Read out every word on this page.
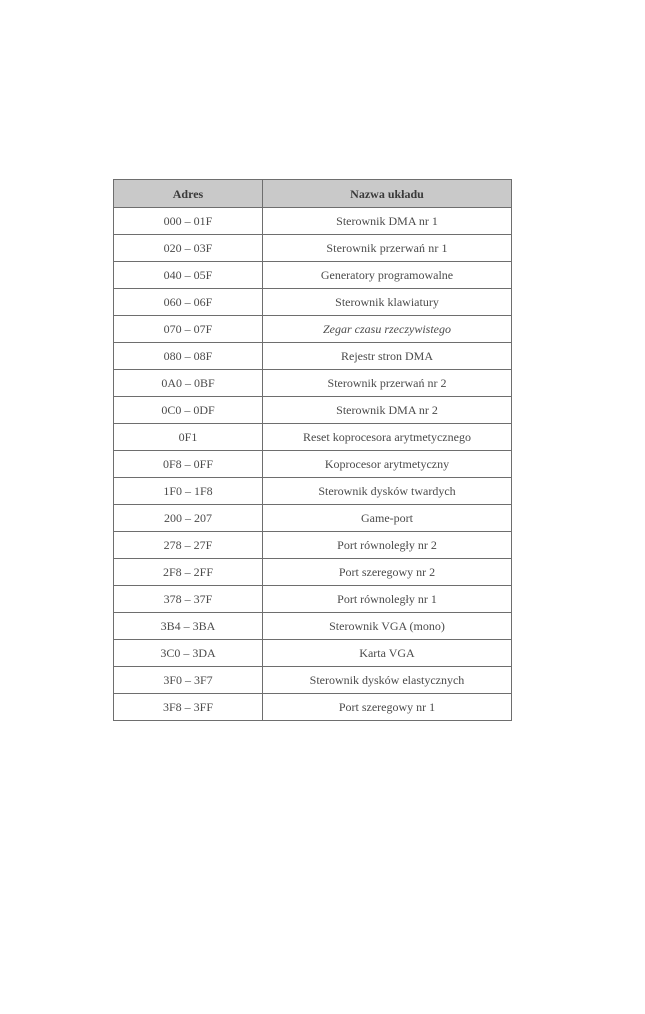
Adres	Nazwa układu
000 – 01F	Sterownik DMA nr 1
020 – 03F	Sterownik przerwań nr 1
040 – 05F	Generatory programowalne
060 – 06F	Sterownik klawiatury
070 – 07F	Zegar czasu rzeczywistego
080 – 08F	Rejestr stron DMA
0A0 – 0BF	Sterownik przerwań nr 2
0C0 – 0DF	Sterownik DMA nr 2
0F1	Reset koprocesora arytmetycznego
0F8 – 0FF	Koprocesor arytmetyczny
1F0 – 1F8	Sterownik dysków twardych
200 – 207	Game-port
278 – 27F	Port równoległy nr 2
2F8 – 2FF	Port szeregowy nr 2
378 – 37F	Port równoległy nr 1
3B4 – 3BA	Sterownik VGA (mono)
3C0 – 3DA	Karta VGA
3F0 – 3F7	Sterownik dysków elastycznych
3F8 – 3FF	Port szeregowy nr 1
